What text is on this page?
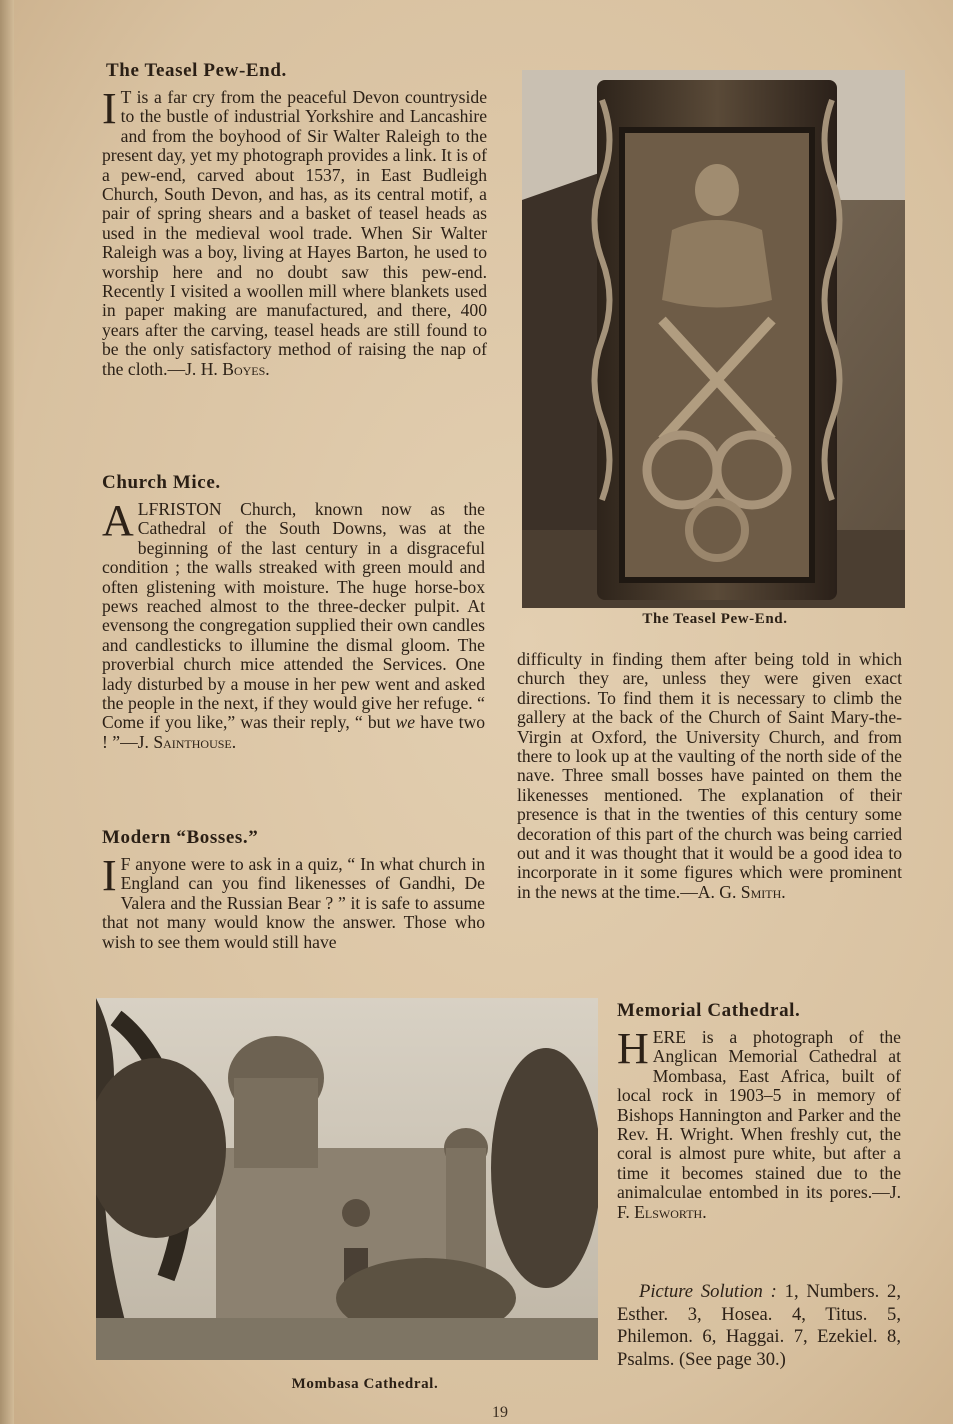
The Teasel Pew-End.

I T is a far cry from the peaceful Devon countryside to the bustle of industrial Yorkshire and Lancashire and from the boyhood of Sir Walter Raleigh to the present day, yet my photograph provides a link. It is of a pew-end, carved about 1537, in East Budleigh Church, South Devon, and has, as its central motif, a pair of spring shears and a basket of teasel heads as used in the medieval wool trade. When Sir Walter Raleigh was a boy, living at Hayes Barton, he used to worship here and no doubt saw this pew-end. Recently I visited a woollen mill where blankets used in paper making are manufactured, and there, 400 years after the carving, teasel heads are still found to be the only satisfactory method of raising the nap of the cloth.—J. H. Boyes.

Church Mice.

ALFRISTON Church, known now as the Cathedral of the South Downs, was at the beginning of the last century in a disgraceful condition ; the walls streaked with green mould and often glistening with moisture. The huge horse-box pews reached almost to the three-decker pulpit. At evensong the congregation supplied their own candles and candlesticks to illumine the dismal gloom. The proverbial church mice attended the Services. One lady disturbed by a mouse in her pew went and asked the people in the next, if they would give her refuge. “ Come if you like,” was their reply, “ but we have two ! ”—J. Sainthouse.

Modern “Bosses.”

I F anyone were to ask in a quiz, “ In what church in England can you find likenesses of Gandhi, De Valera and the Russian Bear ? ” it is safe to assume that not many would know the answer. Those who wish to see them would still have

difficulty in finding them after being told in which church they are, unless they were given exact directions. To find them it is necessary to climb the gallery at the back of the Church of Saint Mary-the-Virgin at Oxford, the University Church, and from there to look up at the vaulting of the north side of the nave. Three small bosses have painted on them the likenesses mentioned. The explanation of their presence is that in the twenties of this century some decoration of this part of the church was being carried out and it was thought that it would be a good idea to incorporate in it some figures which were prominent in the news at the time.—A. G. Smith.

The Teasel Pew-End.
Mombasa Cathedral.
Memorial Cathedral.

HERE is a photograph of the Anglican Memorial Cathedral at Mombasa, East Africa, built of local rock in 1903–5 in memory of Bishops Hannington and Parker and the Rev. H. Wright. When freshly cut, the coral is almost pure white, but after a time it becomes stained due to the animalculae entombed in its pores.—J. F. Elsworth.

Picture Solution : 1, Numbers. 2, Esther. 3, Hosea. 4, Titus. 5, Philemon. 6, Haggai. 7, Ezekiel. 8, Psalms. (See page 30.)

19
